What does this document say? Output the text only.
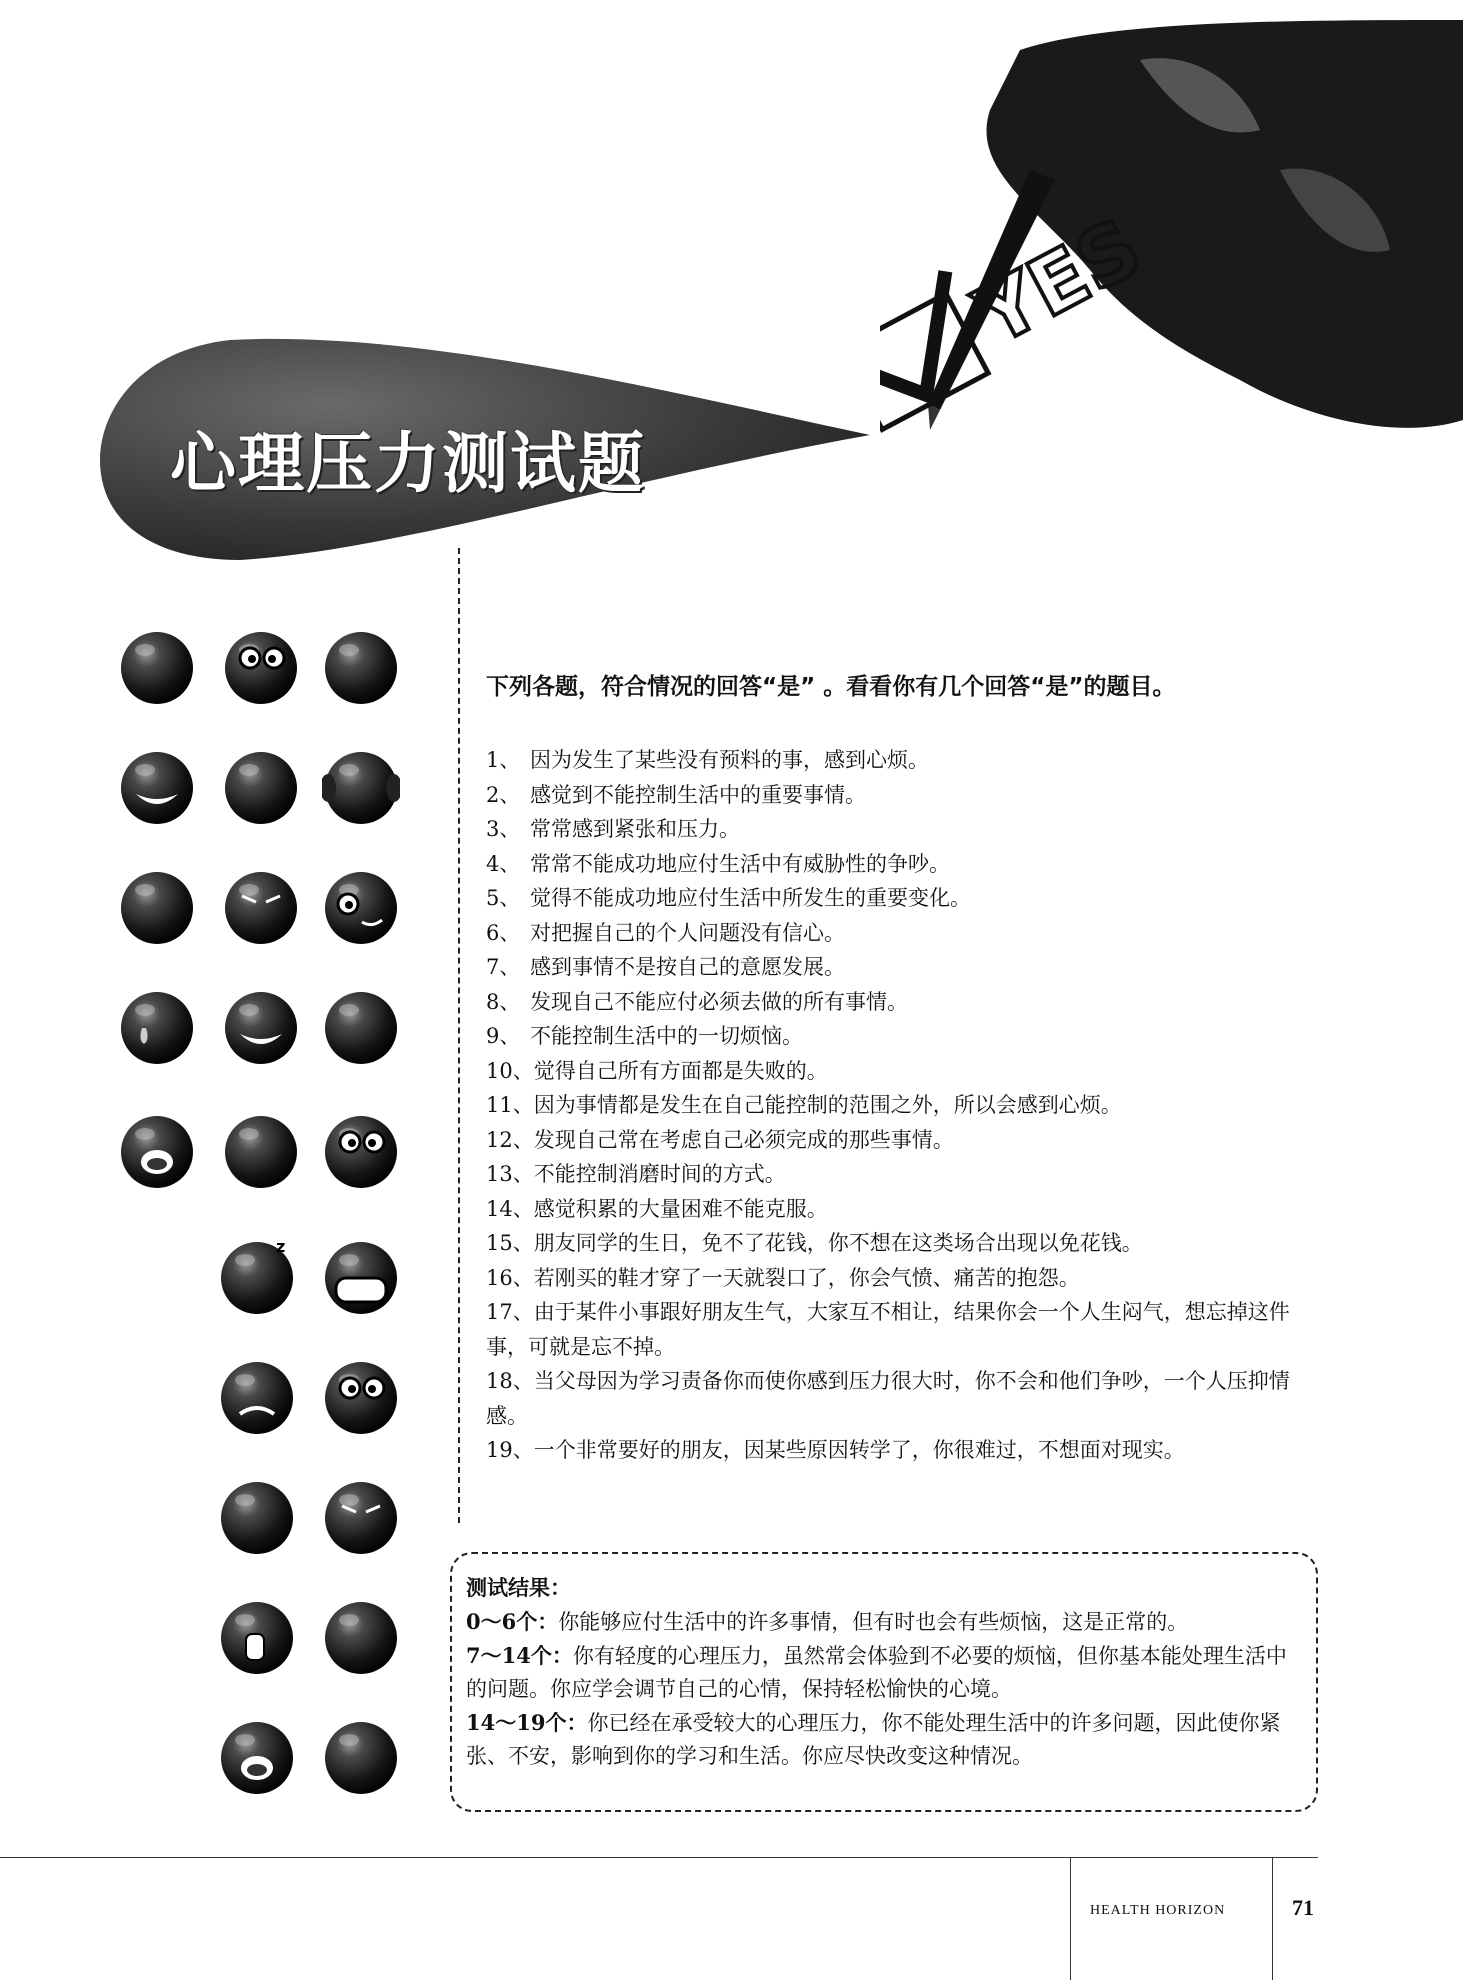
心理压力测试题
YES
z
下列各题，符合情况的回答“是” 。看看你有几个回答“是”的题目。
1、 因为发生了某些没有预料的事，感到心烦。
2、 感觉到不能控制生活中的重要事情。
3、 常常感到紧张和压力。
4、 常常不能成功地应付生活中有威胁性的争吵。
5、 觉得不能成功地应付生活中所发生的重要变化。
6、 对把握自己的个人问题没有信心。
7、 感到事情不是按自己的意愿发展。
8、 发现自己不能应付必须去做的所有事情。
9、 不能控制生活中的一切烦恼。
10、觉得自己所有方面都是失败的。
11、因为事情都是发生在自己能控制的范围之外，所以会感到心烦。
12、发现自己常在考虑自己必须完成的那些事情。
13、不能控制消磨时间的方式。
14、感觉积累的大量困难不能克服。
15、朋友同学的生日，免不了花钱，你不想在这类场合出现以免花钱。
16、若刚买的鞋才穿了一天就裂口了，你会气愤、痛苦的抱怨。
17、由于某件小事跟好朋友生气，大家互不相让，结果你会一个人生闷气，想忘掉这件事，可就是忘不掉。
18、当父母因为学习责备你而使你感到压力很大时，你不会和他们争吵，一个人压抑情感。
19、一个非常要好的朋友，因某些原因转学了，你很难过，不想面对现实。
测试结果：
0～6个：你能够应付生活中的许多事情，但有时也会有些烦恼，这是正常的。
7～14个：你有轻度的心理压力，虽然常会体验到不必要的烦恼，但你基本能处理生活中的问题。你应学会调节自己的心情，保持轻松愉快的心境。
14～19个：你已经在承受较大的心理压力，你不能处理生活中的许多问题，因此使你紧张、不安，影响到你的学习和生活。你应尽快改变这种情况。
HEALTH HORIZON	71
